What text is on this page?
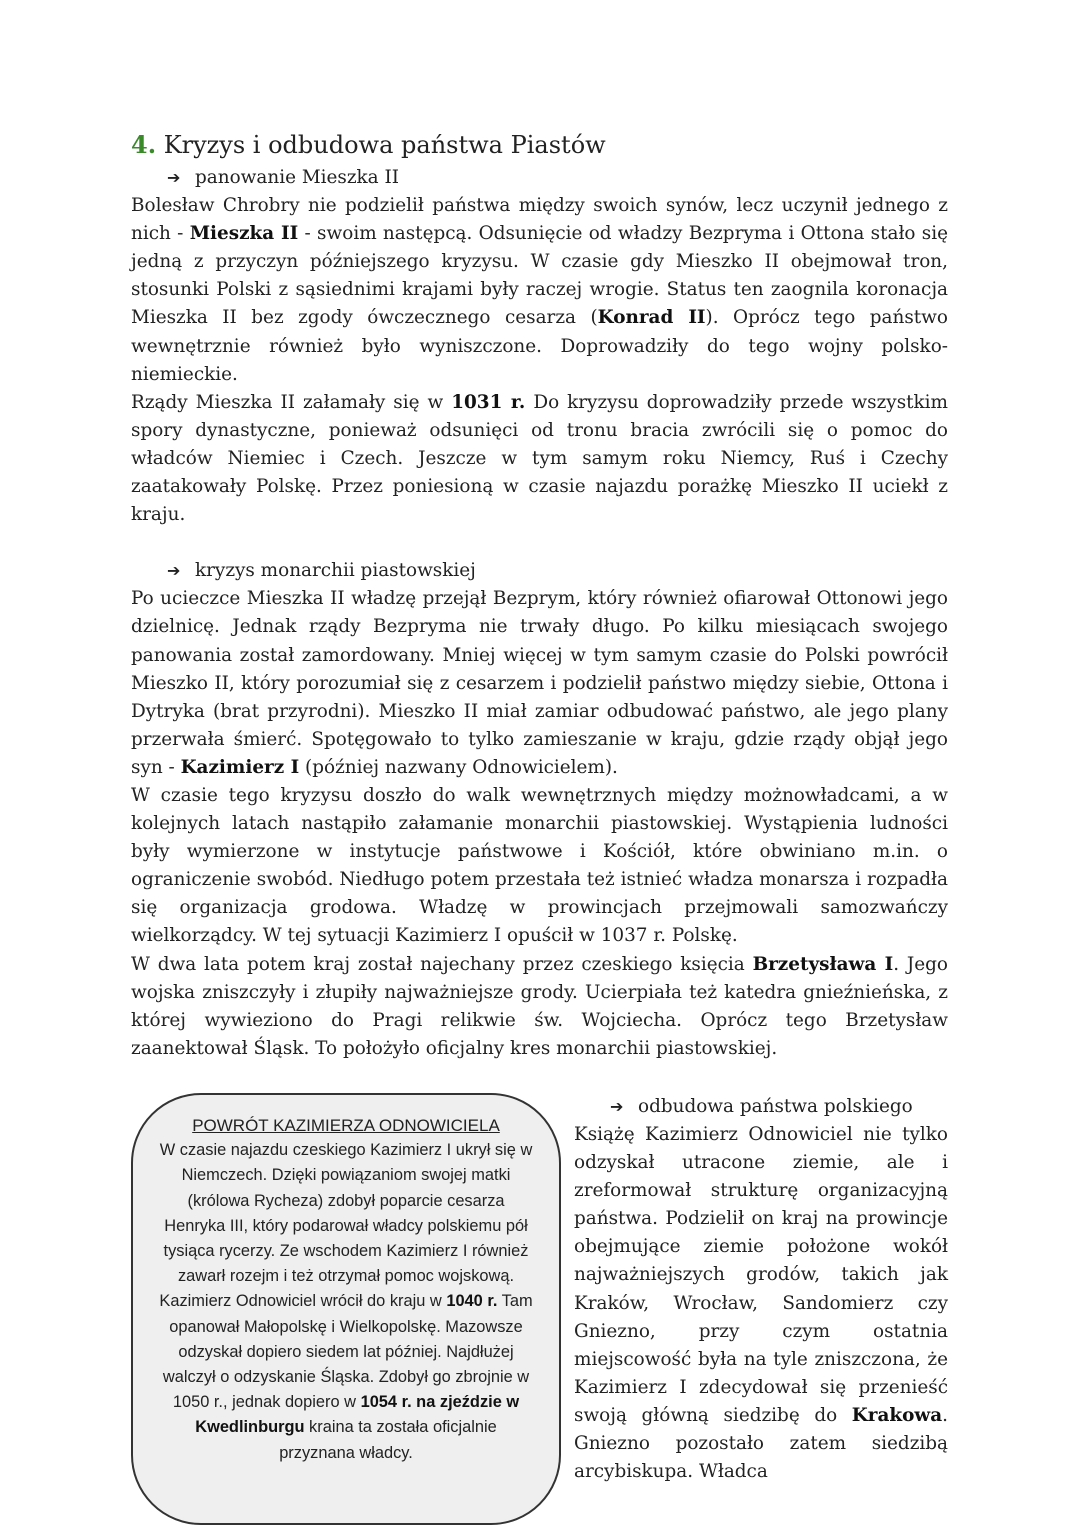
4. Kryzys i odbudowa państwa Piastów
➔ panowanie Mieszka II

Bolesław Chrobry nie podzielił państwa między swoich synów, lecz uczynił jednego z nich - Mieszka II - swoim następcą. Odsunięcie od władzy Bezpryma i Ottona stało się jedną z przyczyn późniejszego kryzysu. W czasie gdy Mieszko II obejmował tron, stosunki Polski z sąsiednimi krajami były raczej wrogie. Status ten zaognila koronacja Mieszka II bez zgody ówczecznego cesarza (Konrad II). Oprócz tego państwo wewnętrznie również było wyniszczone. Doprowadziły do tego wojny polsko-niemieckie.

Rządy Mieszka II załamały się w 1031 r. Do kryzysu doprowadziły przede wszystkim spory dynastyczne, ponieważ odsunięci od tronu bracia zwrócili się o pomoc do władców Niemiec i Czech. Jeszcze w tym samym roku Niemcy, Ruś i Czechy zaatakowały Polskę. Przez poniesioną w czasie najazdu porażkę Mieszko II uciekł z kraju.

➔ kryzys monarchii piastowskiej

Po ucieczce Mieszka II władzę przejął Bezprym, który również ofiarował Ottonowi jego dzielnicę. Jednak rządy Bezpryma nie trwały długo. Po kilku miesiącach swojego panowania został zamordowany. Mniej więcej w tym samym czasie do Polski powrócił Mieszko II, który porozumiał się z cesarzem i podzielił państwo między siebie, Ottona i Dytryka (brat przyrodni). Mieszko II miał zamiar odbudować państwo, ale jego plany przerwała śmierć. Spotęgowało to tylko zamieszanie w kraju, gdzie rządy objął jego syn - Kazimierz I (później nazwany Odnowicielem).

W czasie tego kryzysu doszło do walk wewnętrznych między możnowładcami, a w kolejnych latach nastąpiło załamanie monarchii piastowskiej. Wystąpienia ludności były wymierzone w instytucje państwowe i Kościół, które obwiniano m.in. o ograniczenie swobód. Niedługo potem przestała też istnieć władza monarsza i rozpadła się organizacja grodowa. Władzę w prowincjach przejmowali samozwańczy wielkorządcy. W tej sytuacji Kazimierz I opuścił w 1037 r. Polskę.

W dwa lata potem kraj został najechany przez czeskiego księcia Brzetysława I. Jego wojska zniszczyły i złupiły najważniejsze grody. Ucierpiała też katedra gnieźnieńska, z której wywieziono do Pragi relikwie św. Wojciecha. Oprócz tego Brzetysław zaanektował Śląsk. To położyło oficjalny kres monarchii piastowskiej.

POWRÓT KAZIMIERZA ODNOWICIELA
W czasie najazdu czeskiego Kazimierz I ukrył się w Niemczech. Dzięki powiązaniom swojej matki (królowa Rycheza) zdobył poparcie cesarza Henryka III, który podarował władcy polskiemu pół tysiąca rycerzy. Ze wschodem Kazimierz I również zawarł rozejm i też otrzymał pomoc wojskową. Kazimierz Odnowiciel wrócił do kraju w 1040 r. Tam opanował Małopolskę i Wielkopolskę. Mazowsze odzyskał dopiero siedem lat później. Najdłużej walczył o odzyskanie Śląska. Zdobył go zbrojnie w 1050 r., jednak dopiero w 1054 r. na zjeździe w Kwedlinburgu kraina ta została oficjalnie przyznana władcy.
➔ odbudowa państwa polskiego

Książę Kazimierz Odnowiciel nie tylko odzyskał utracone ziemie, ale i zreformował strukturę organizacyjną państwa. Podzielił on kraj na prowincje obejmujące ziemie położone wokół najważniejszych grodów, takich jak Kraków, Wrocław, Sandomierz czy Gniezno, przy czym ostatnia miejscowość była na tyle zniszczona, że Kazimierz I zdecydował się przenieść swoją główną siedzibę do Krakowa. Gniezno pozostało zatem siedzibą arcybiskupa. Władca
